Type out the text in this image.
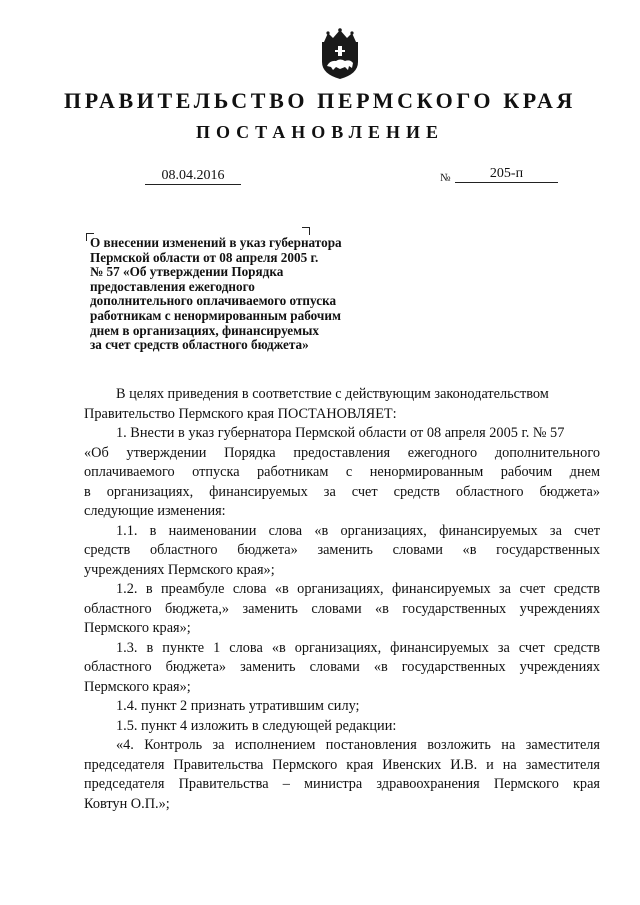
ПРАВИТЕЛЬСТВО ПЕРМСКОГО КРАЯ
ПОСТАНОВЛЕНИЕ
08.04.2016	№	205-п
О внесении изменений в указ губернатора
Пермской области от 08 апреля 2005 г.
№ 57 «Об утверждении Порядка
предоставления ежегодного
дополнительного оплачиваемого отпуска
работникам с ненормированным рабочим
днем в организациях, финансируемых
за счет средств областного бюджета»
В целях приведения в соответствие с действующим законодательством
Правительство Пермского края ПОСТАНОВЛЯЕТ:
1. Внести в указ губернатора Пермской области от 08 апреля 2005 г. № 57
«Об утверждении Порядка предоставления ежегодного дополнительного
оплачиваемого отпуска работникам с ненормированным рабочим днем
в организациях, финансируемых за счет средств областного бюджета»
следующие изменения:
1.1. в наименовании слова «в организациях, финансируемых за счет
средств областного бюджета» заменить словами «в государственных
учреждениях Пермского края»;
1.2. в преамбуле слова «в организациях, финансируемых за счет средств
областного бюджета,» заменить словами «в государственных учреждениях
Пермского края»;
1.3. в пункте 1 слова «в организациях, финансируемых за счет средств
областного бюджета» заменить словами «в государственных учреждениях
Пермского края»;
1.4. пункт 2 признать утратившим силу;
1.5. пункт 4 изложить в следующей редакции:
«4. Контроль за исполнением постановления возложить на заместителя
председателя Правительства Пермского края Ивенских И.В. и на заместителя
председателя Правительства – министра здравоохранения Пермского края
Ковтун О.П.»;
